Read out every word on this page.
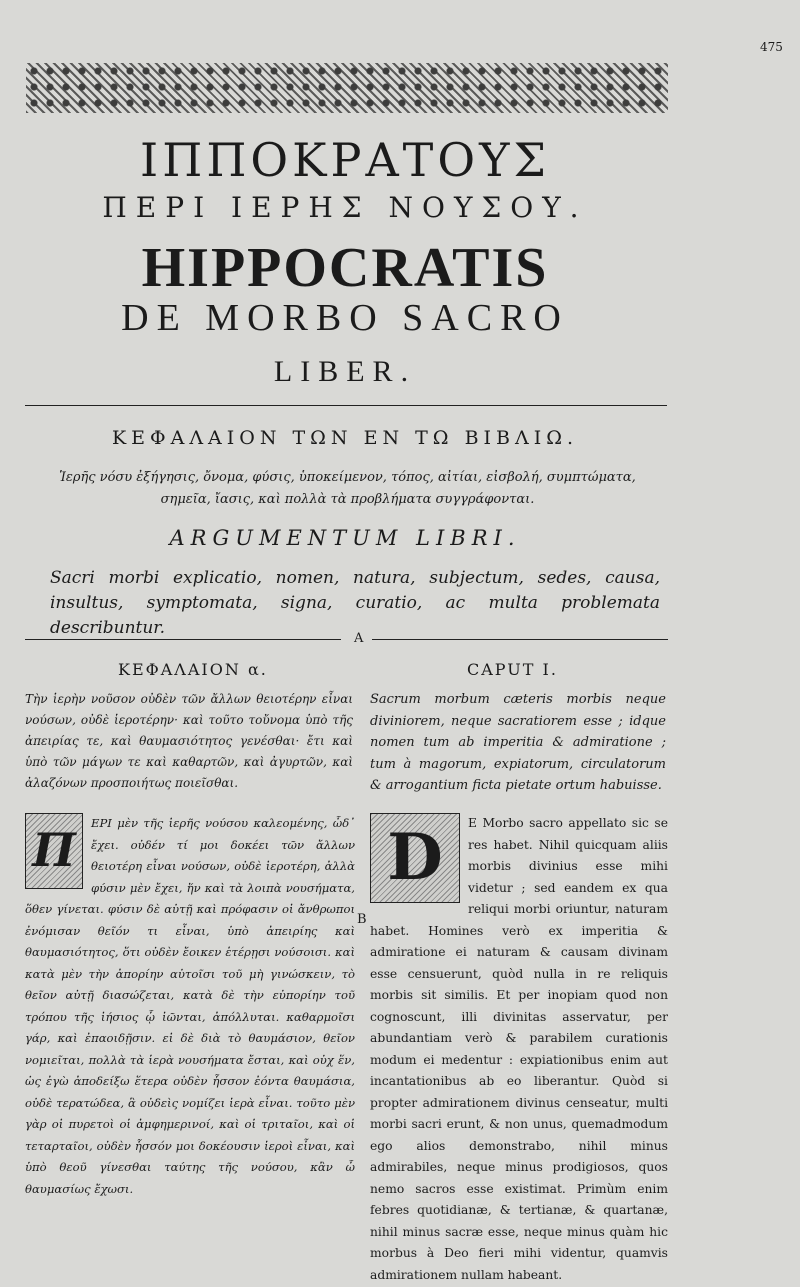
475
ΙΠΠΟΚΡΑΤΟΥΣ
ΠΕΡΙ ΙΕΡΗΣ ΝΟΥΣΟΥ.
HIPPOCRATIS
DE MORBO SACRO
LIBER.
ΚΕΦΑΛΑΙΟΝ ΤΩΝ ΕΝ ΤΩ ΒΙΒΛΙΩ.
Ἱερῆς νόσυ ἐξήγησις, ὄνομα, φύσις, ὑποκείμενον, τόπος, αἰτίαι, εἰσβολή, συμπτώματα, σημεῖα, ἴασις, καὶ πολλὰ τὰ προβλήματα συγγράφονται.
ARGUMENTUM LIBRI.
Sacri morbi explicatio, nomen, natura, subjectum, sedes, causa, insultus, symptomata, signa, curatio, ac multa problemata describuntur.
A
ΚΕΦΑΛΑΙΟΝ α.	CAPUT I.
Τὴν ἱερὴν νοῦσον οὐδὲν τῶν ἄλλων θειοτέρην εἶναι νούσων, οὐδὲ ἱεροτέρην· καὶ τοῦτο τοὔνομα ὑπὸ τῆς ἀπειρίας τε, καὶ θαυμασιότητος γενέσθαι· ἔτι καὶ ὑπὸ τῶν μάγων τε καὶ καθαρτῶν, καὶ ἀγυρτῶν, καὶ ἀλαζόνων προσποιήτως ποιεῖσθαι.
Sacrum morbum cæteris morbis neque diviniorem, neque sacratiorem esse ; idque nomen tum ab imperitia & admiratione ; tum à magorum, expiatorum, circulatorum & arrogantium ficta pietate ortum habuisse.
Π
ΕΡΙ μὲν τῆς ἱερῆς νούσου καλεομένης, ὧδ᾽ ἔχει. οὐδέν τί μοι δοκέει τῶν ἄλλων θειοτέρη εἶναι νούσων, οὐδὲ ἱεροτέρη, ἀλλὰ φύσιν μὲν ἔχει, ἥν καὶ τὰ λοιπὰ νουσήματα, ὅθεν γίνεται. φύσιν δὲ αὐτῇ καὶ πρόφασιν οἱ ἄνθρωποι ἐνόμισαν θεῖόν τι εἶναι, ὑπὸ ἀπειρίης καὶ θαυμασιότητος, ὅτι οὐδὲν ἔοικεν ἑτέρῃσι νούσοισι. καὶ κατὰ μὲν τὴν ἀπορίην αὐτοῖσι τοῦ μὴ γινώσκειν, τὸ θεῖον αὐτῇ διασώζεται, κατὰ δὲ τὴν εὐπορίην τοῦ τρόπου τῆς ἰήσιος ᾧ ἰῶνται, ἀπόλλυται. καθαρμοῖσι γάρ, καὶ ἐπαοιδῇσιν. εἰ δὲ διὰ τὸ θαυμάσιον, θεῖον νομιεῖται, πολλὰ τὰ ἱερὰ νουσήματα ἔσται, καὶ οὐχ ἕν, ὡς ἐγὼ ἀποδείξω ἕτερα οὐδὲν ἧσσον ἐόντα θαυμάσια, οὐδὲ τερατώδεα, ἃ οὐδεὶς νομίζει ἱερὰ εἶναι. τοῦτο μὲν γὰρ οἱ πυρετοὶ οἱ ἀμφημερινοί, καὶ οἱ τριταῖοι, καὶ οἱ τεταρταῖοι, οὐδὲν ἧσσόν μοι δοκέουσιν ἱεροὶ εἶναι, καὶ ὑπὸ θεοῦ γίνεσθαι ταύτης τῆς νούσου, κἂν ὦ θαυμασίως ἔχωσι.
B
D	E Morbo sacro appellato sic se res habet. Nihil quicquam aliis morbis divinius esse mihi videtur ; sed eandem ex qua reliqui morbi oriuntur, naturam habet. Homines verò ex imperitia & admiratione ei naturam & causam divinam esse censuerunt, quòd nulla in re reliquis morbis sit similis. Et per inopiam quod non cognoscunt, illi divinitas asservatur, per abundantiam verò & parabilem curationis modum ei medentur : expiationibus enim aut incantationibus ab eo liberantur. Quòd si propter admirationem divinus censeatur, multi morbi sacri erunt, & non unus, quemadmodum ego alios demonstrabo, nihil minus admirabiles, neque minus prodigiosos, quos nemo sacros esse existimat. Primùm enim febres quotidianæ, & tertianæ, & quartanæ, nihil minus sacræ esse, neque minus quàm hic morbus à Deo fieri mihi videntur, quamvis admirationem nullam habeant.
